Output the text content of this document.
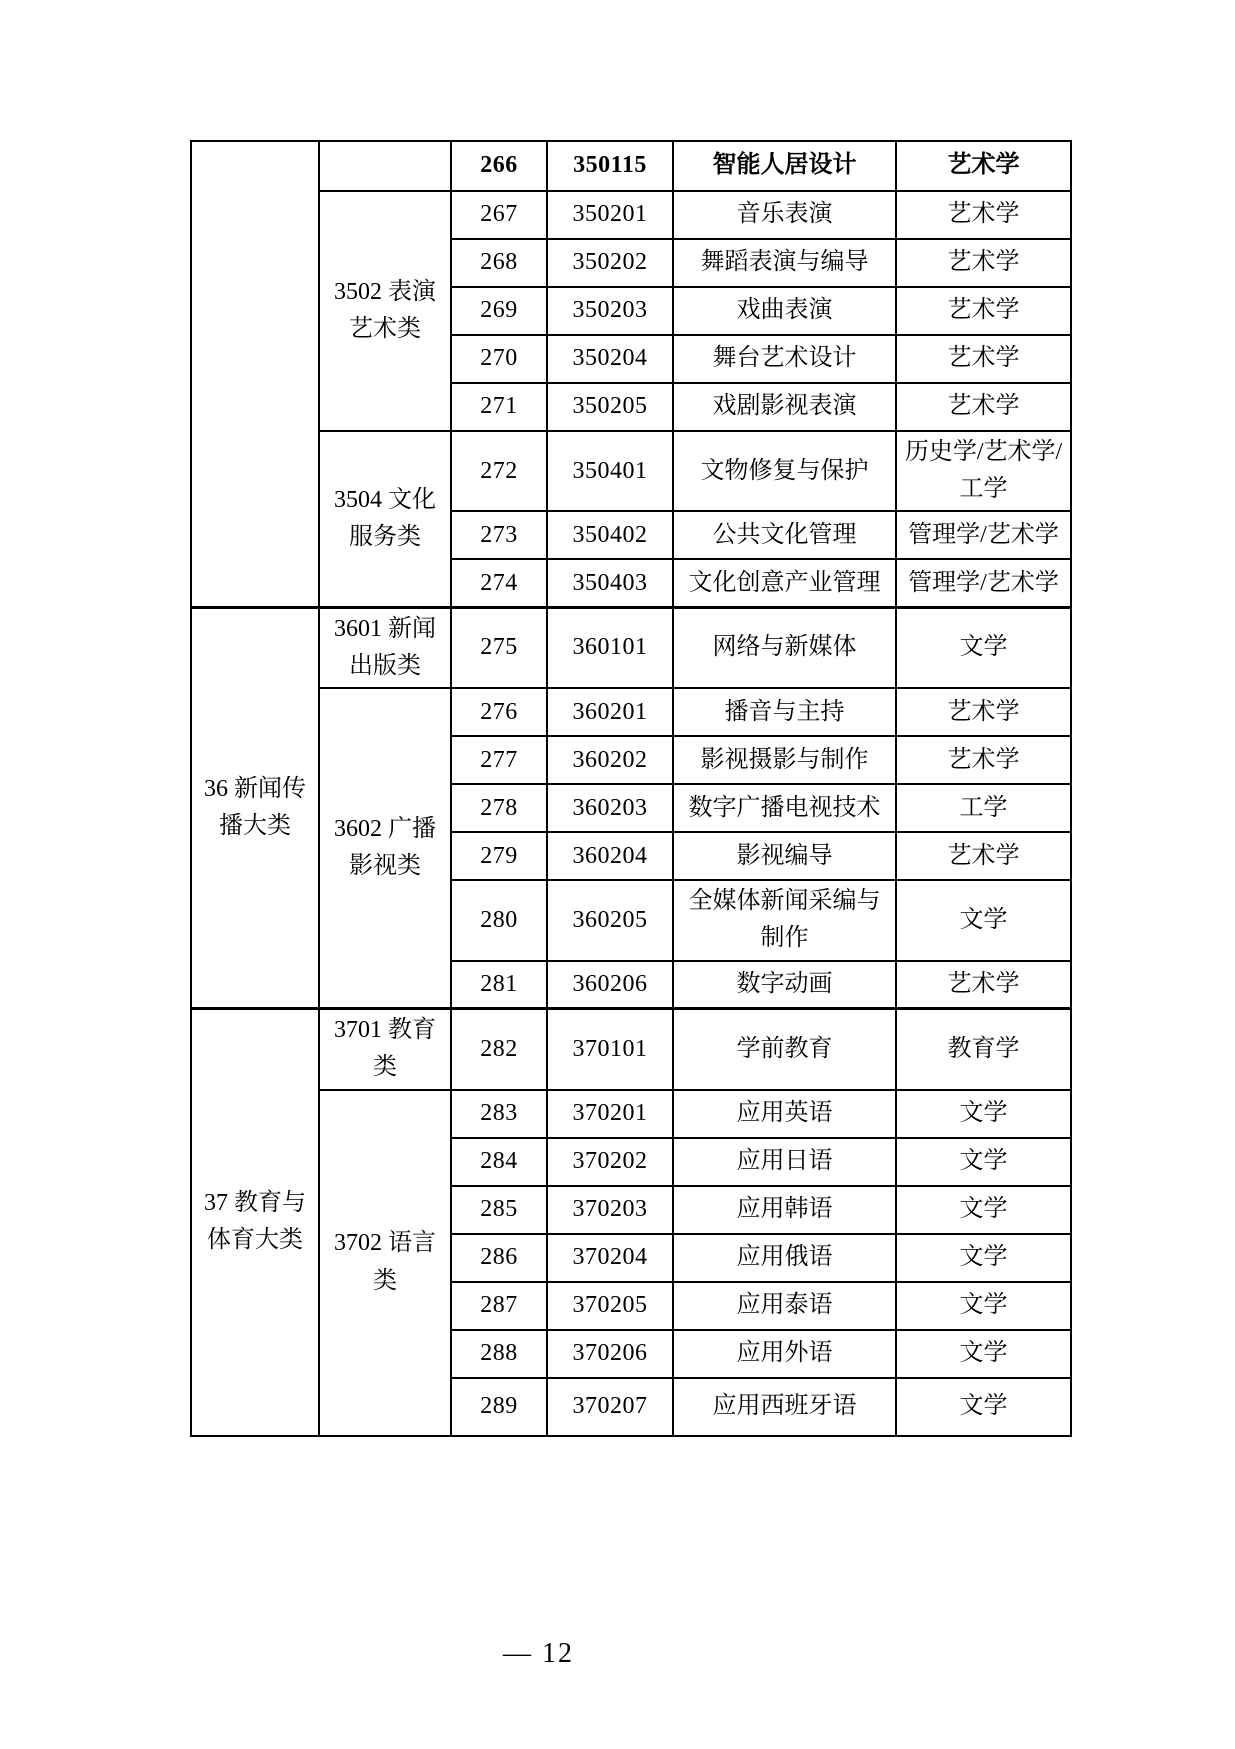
		266	350115	智能人居设计	艺术学
	3502 表演艺术类	267	350201	音乐表演	艺术学
		268	350202	舞蹈表演与编导	艺术学
		269	350203	戏曲表演	艺术学
		270	350204	舞台艺术设计	艺术学
		271	350205	戏剧影视表演	艺术学
	3504 文化服务类	272	350401	文物修复与保护	历史学/艺术学/工学
		273	350402	公共文化管理	管理学/艺术学
		274	350403	文化创意产业管理	管理学/艺术学
36 新闻传播大类	3601 新闻出版类	275	360101	网络与新媒体	文学
	3602 广播影视类	276	360201	播音与主持	艺术学
		277	360202	影视摄影与制作	艺术学
		278	360203	数字广播电视技术	工学
		279	360204	影视编导	艺术学
		280	360205	全媒体新闻采编与制作	文学
		281	360206	数字动画	艺术学
37 教育与体育大类	3701 教育类	282	370101	学前教育	教育学
	3702 语言类	283	370201	应用英语	文学
		284	370202	应用日语	文学
		285	370203	应用韩语	文学
		286	370204	应用俄语	文学
		287	370205	应用泰语	文学
		288	370206	应用外语	文学
		289	370207	应用西班牙语	文学
— 12
